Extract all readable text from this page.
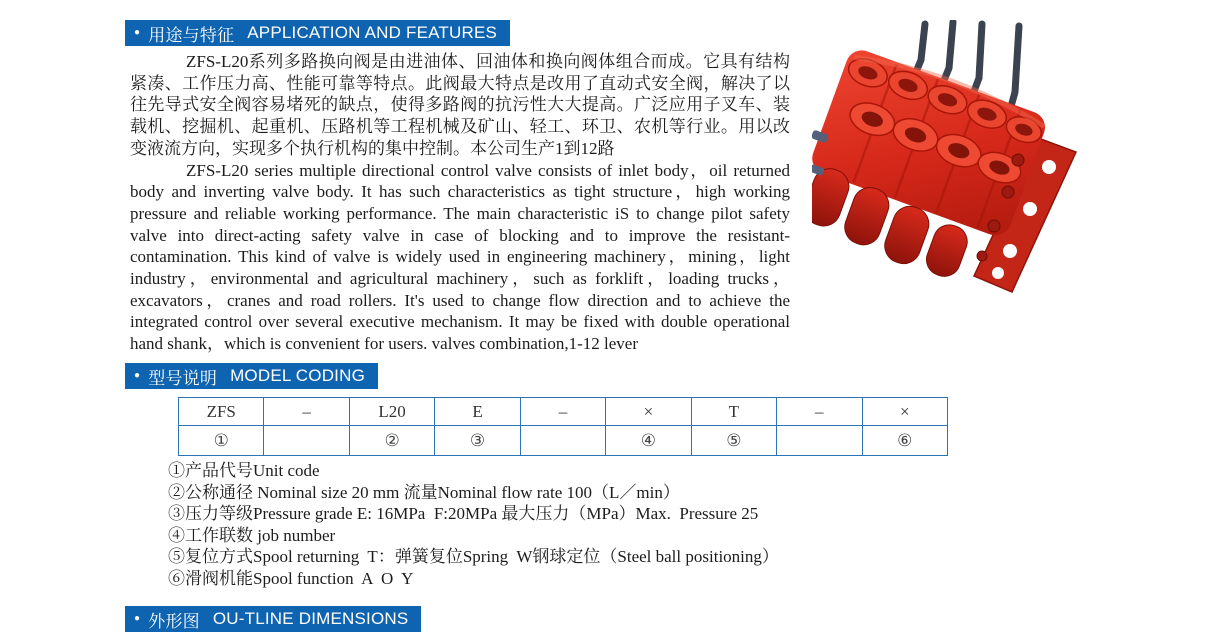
● 用途与特征 APPLICATION AND FEATURES

ZFS-L20系列多路换向阀是由进油体、回油体和换向阀体组合而成。它具有结构紧凑、工作压力高、性能可靠等特点。此阀最大特点是改用了直动式安全阀，解决了以往先导式安全阀容易堵死的缺点，使得多路阀的抗污性大大提高。广泛应用子叉车、装载机、挖掘机、起重机、压路机等工程机械及矿山、轻工、环卫、农机等行业。用以改变液流方向，实现多个执行机构的集中控制。本公司生产1到12路

ZFS-L20 series multiple directional control valve consists of inlet body，oil returned body and inverting valve body. It has such characteristics as tight structure，high working pressure and reliable working performance. The main characteristic iS to change pilot safety valve into direct-acting safety valve in case of blocking and to improve the resistant-contamination. This kind of valve is widely used in engineering machinery，mining，light industry，environmental and agricultural machinery，such as forklift，loading trucks，excavators，cranes and road rollers. It's used to change flow direction and to achieve the integrated control over several executive mechanism. It may be fixed with double operational hand shank，which is convenient for users. valves combination,1-12 lever

● 型号说明 MODEL CODING
ZFS	–	L20	E	–	×	T	–	×
①		②	③		④	⑤		⑥
①产品代号Unit code
②公称通径 Nominal size 20 mm 流量Nominal flow rate 100（L／min）
③压力等级Pressure grade E: 16MPa  F:20MPa 最大压力（MPa）Max.  Pressure 25
④工作联数 job number
⑤复位方式Spool returning  T：弹簧复位Spring  W钢球定位（Steel ball positioning）
⑥滑阀机能Spool function  A  O  Y
● 外形图 OU-TLINE DIMENSIONS
